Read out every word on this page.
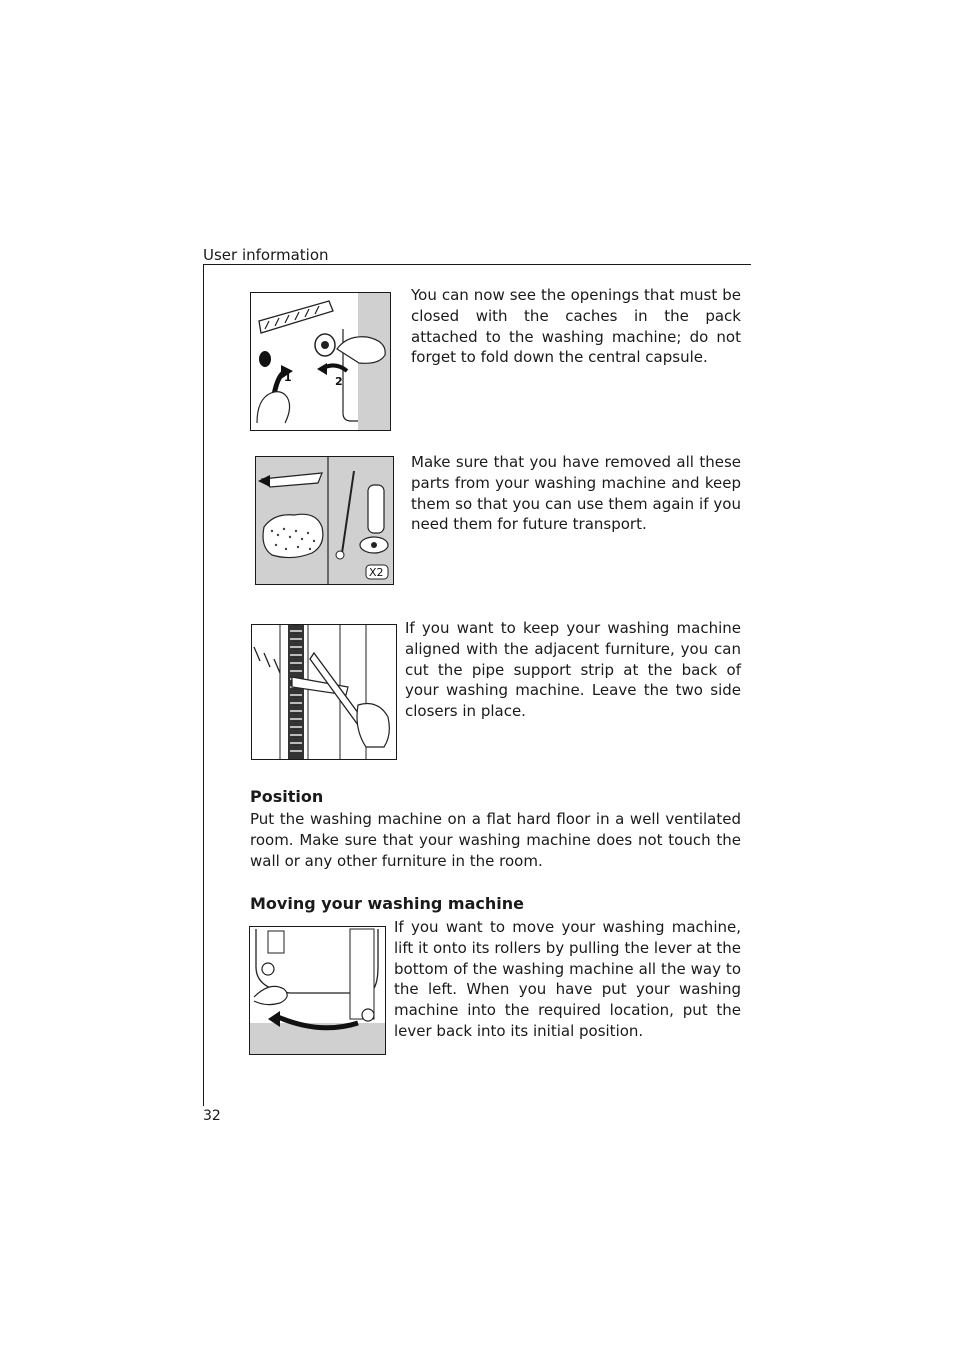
User information
1	2
You can now see the openings that must be closed with the caches in the pack attached to the washing machine; do not forget to fold down the central capsule.
X2
Make sure that you have removed all these parts from your washing machine and keep them so that you can use them again if you need them for future transport.
If you want to keep your washing machine aligned with the adjacent furniture, you can cut the pipe support strip at the back of your washing machine. Leave the two side closers in place.
Position
Put the washing machine on a flat hard floor in a well ventilated room. Make sure that your washing machine does not touch the wall or any other furniture in the room.
Moving your washing machine
If you want to move your washing machine, lift it onto its rollers by pulling the lever at the bottom of the washing machine all the way to the left. When you have put your washing machine into the required location, put the lever back into its initial position.
32
